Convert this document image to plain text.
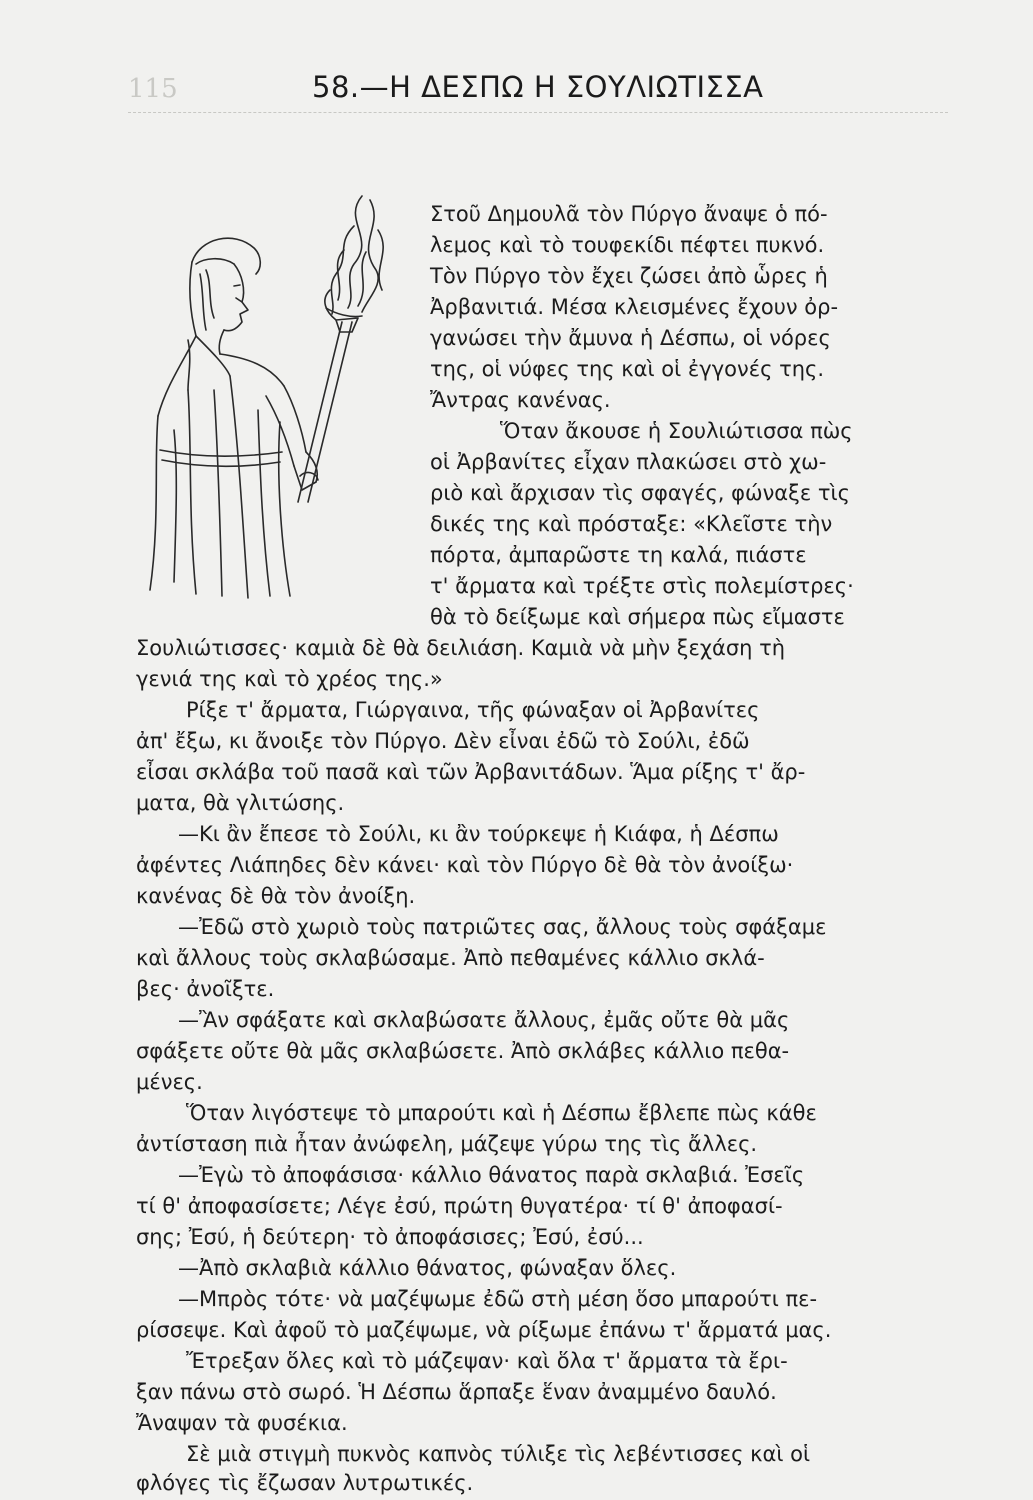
115	58.—Η ΔΕΣΠΩ Η ΣΟΥΛΙΩΤΙΣΣΑ
Στοῦ Δημουλᾶ τὸν Πύργο ἄναψε ὁ πό-
λεμος καὶ τὸ τουφεκίδι πέφτει πυκνό.
Τὸν Πύργο τὸν ἔχει ζώσει ἀπὸ ὧρες ἡ
Ἀρβανιτιά. Μέσα κλεισμένες ἔχουν ὀρ-
γανώσει τὴν ἄμυνα ἡ Δέσπω, οἱ νόρες
της, οἱ νύφες της καὶ οἱ ἐγγονές της.
Ἄντρας κανένας.
Ὅταν ἄκουσε ἡ Σουλιώτισσα πὼς
οἱ Ἀρβανίτες εἶχαν πλακώσει στὸ χω-
ριὸ καὶ ἄρχισαν τὶς σφαγές, φώναξε τὶς
δικές της καὶ πρόσταξε: «Κλεῖστε τὴν
πόρτα, ἀμπαρῶστε τη καλά, πιάστε
τ' ἄρματα καὶ τρέξτε στὶς πολεμίστρες·
θὰ τὸ δείξωμε καὶ σήμερα πὼς εἴμαστε
Σουλιώτισσες· καμιὰ δὲ θὰ δειλιάση. Καμιὰ νὰ μὴν ξεχάση τὴ
γενιά της καὶ τὸ χρέος της.»
Ρίξε τ' ἄρματα, Γιώργαινα, τῆς φώναξαν οἱ Ἀρβανίτες
ἀπ' ἔξω, κι ἄνοιξε τὸν Πύργο. Δὲν εἶναι ἐδῶ τὸ Σούλι, ἐδῶ
εἶσαι σκλάβα τοῦ πασᾶ καὶ τῶν Ἀρβανιτάδων. Ἅμα ρίξης τ' ἄρ-
ματα, θὰ γλιτώσης.
—Κι ἂν ἔπεσε τὸ Σούλι, κι ἂν τούρκεψε ἡ Κιάφα, ἡ Δέσπω
ἀφέντες Λιάπηδες δὲν κάνει· καὶ τὸν Πύργο δὲ θὰ τὸν ἀνοίξω·
κανένας δὲ θὰ τὸν ἀνοίξη.
—Ἐδῶ στὸ χωριὸ τοὺς πατριῶτες σας, ἄλλους τοὺς σφάξαμε
καὶ ἄλλους τοὺς σκλαβώσαμε. Ἀπὸ πεθαμένες κάλλιο σκλά-
βες· ἀνοῖξτε.
—Ἂν σφάξατε καὶ σκλαβώσατε ἄλλους, ἐμᾶς οὔτε θὰ μᾶς
σφάξετε οὔτε θὰ μᾶς σκλαβώσετε. Ἀπὸ σκλάβες κάλλιο πεθα-
μένες.
Ὅταν λιγόστεψε τὸ μπαρούτι καὶ ἡ Δέσπω ἔβλεπε πὼς κάθε
ἀντίσταση πιὰ ἦταν ἀνώφελη, μάζεψε γύρω της τὶς ἄλλες.
—Ἐγὼ τὸ ἀποφάσισα· κάλλιο θάνατος παρὰ σκλαβιά. Ἐσεῖς
τί θ' ἀποφασίσετε; Λέγε ἐσύ, πρώτη θυγατέρα· τί θ' ἀποφασί-
σης; Ἐσύ, ἡ δεύτερη· τὸ ἀποφάσισες; Ἐσύ, ἐσύ...
—Ἀπὸ σκλαβιὰ κάλλιο θάνατος, φώναξαν ὅλες.
—Μπρὸς τότε· νὰ μαζέψωμε ἐδῶ στὴ μέση ὅσο μπαρούτι πε-
ρίσσεψε. Καὶ ἀφοῦ τὸ μαζέψωμε, νὰ ρίξωμε ἐπάνω τ' ἄρματά μας.
Ἔτρεξαν ὅλες καὶ τὸ μάζεψαν· καὶ ὅλα τ' ἄρματα τὰ ἔρι-
ξαν πάνω στὸ σωρό. Ἡ Δέσπω ἅρπαξε ἕναν ἀναμμένο δαυλό.
Ἄναψαν τὰ φυσέκια.
Σὲ μιὰ στιγμὴ πυκνὸς καπνὸς τύλιξε τὶς λεβέντισσες καὶ οἱ
φλόγες τὶς ἔζωσαν λυτρωτικές.
